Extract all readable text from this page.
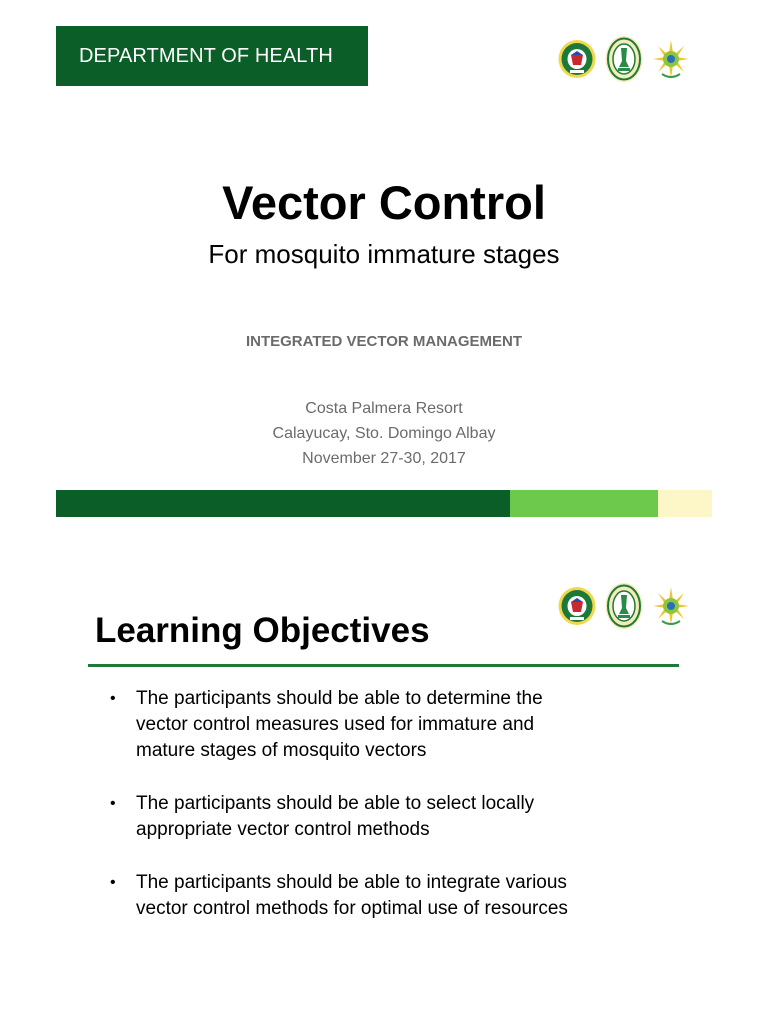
DEPARTMENT OF HEALTH
Vector Control
For mosquito immature stages
INTEGRATED VECTOR MANAGEMENT
Costa Palmera Resort
Calayucay, Sto. Domingo Albay
November 27-30, 2017
Learning Objectives
• The participants should be able to determine the
vector control measures used for immature and
mature stages of mosquito vectors
• The participants should be able to select locally
appropriate vector control methods
• The participants should be able to integrate various
vector control methods for optimal use of resources
